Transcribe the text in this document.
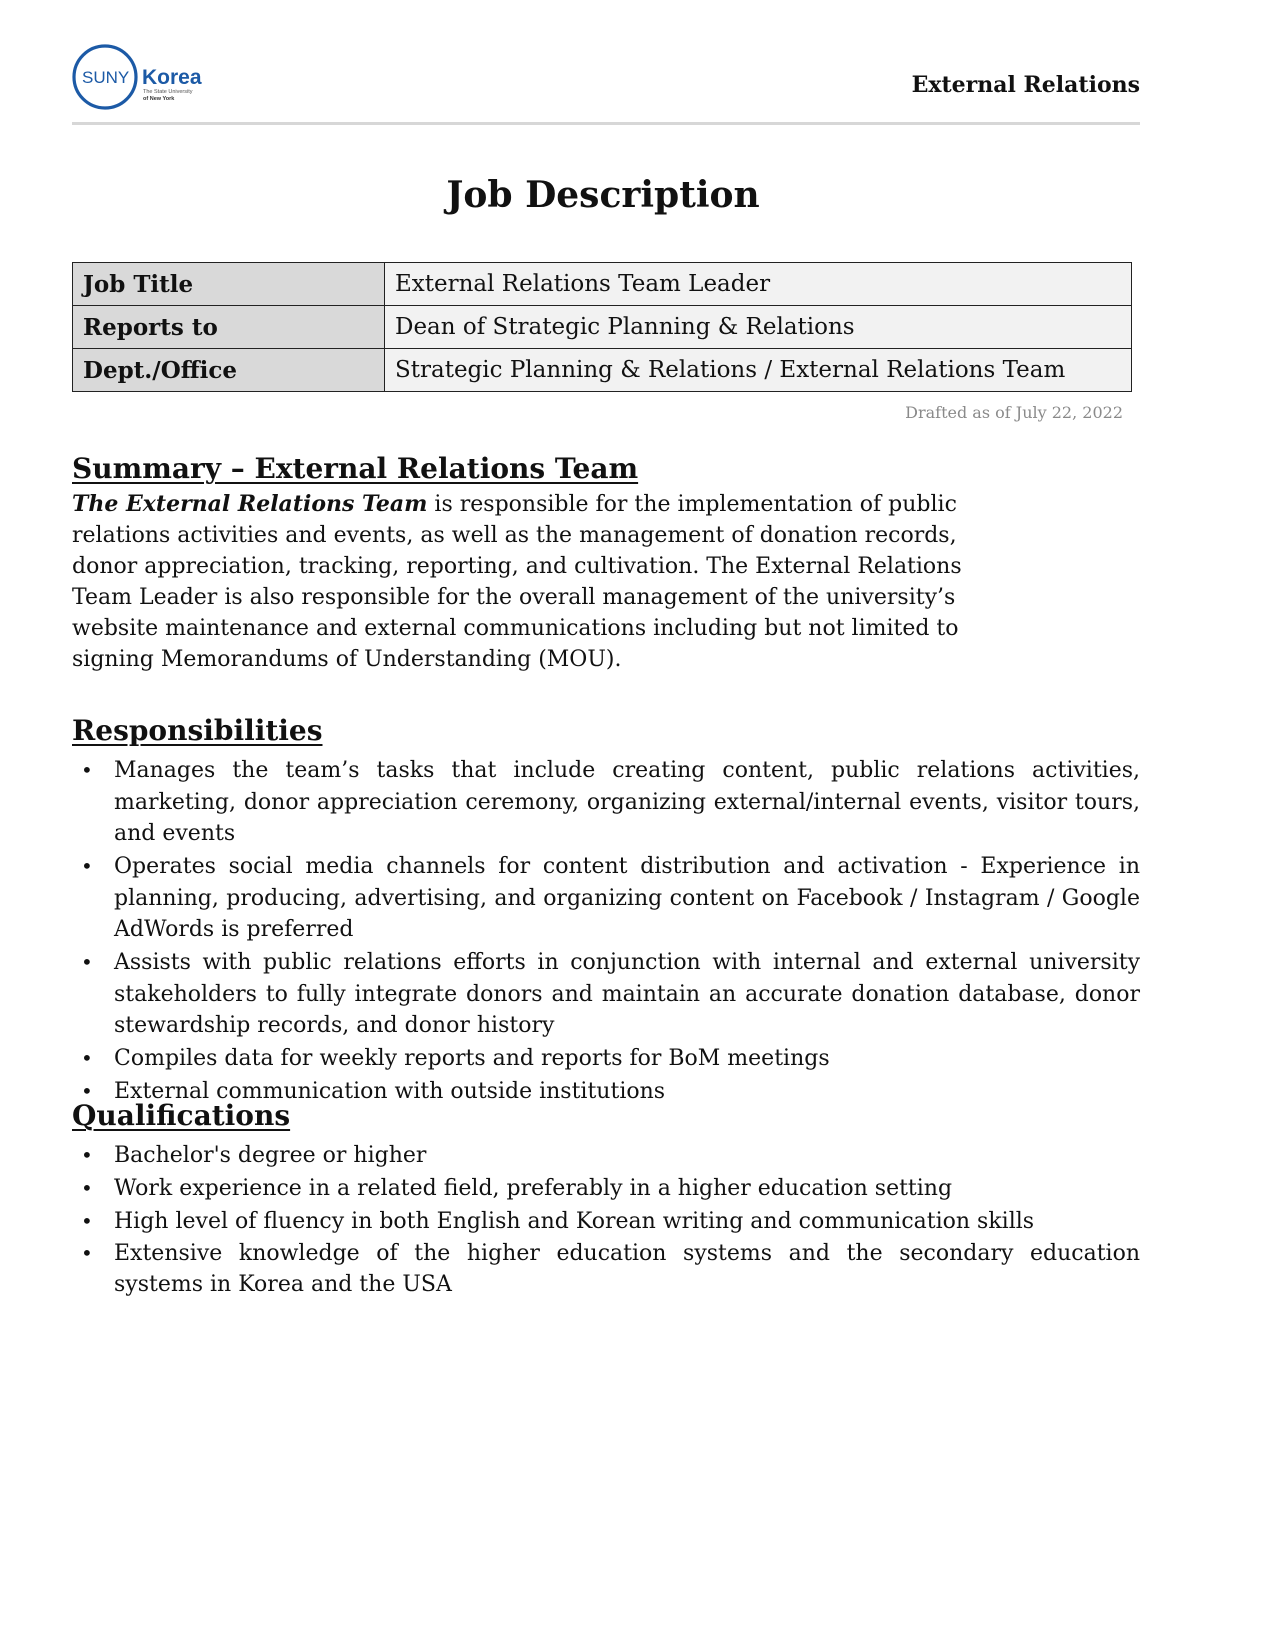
SUNY Korea
The State University
of New York
External Relations
Job Description
Job Title	External Relations Team Leader
Reports to	Dean of Strategic Planning & Relations
Dept./Office	Strategic Planning & Relations / External Relations Team
Drafted as of July 22, 2022
Summary – External Relations Team

The External Relations Team is responsible for the implementation of public relations activities and events, as well as the management of donation records, donor appreciation, tracking, reporting, and cultivation. The External Relations Team Leader is also responsible for the overall management of the university’s website maintenance and external communications including but not limited to signing Memorandums of Understanding (MOU).

Responsibilities
• Manages the team’s tasks that include creating content, public relations activities, marketing, donor appreciation ceremony, organizing external/internal events, visitor tours, and events
• Operates social media channels for content distribution and activation - Experience in planning, producing, advertising, and organizing content on Facebook / Instagram / Google AdWords is preferred
• Assists with public relations efforts in conjunction with internal and external university stakeholders to fully integrate donors and maintain an accurate donation database, donor stewardship records, and donor history
• Compiles data for weekly reports and reports for BoM meetings
• External communication with outside institutions
Qualifications
• Bachelor's degree or higher
• Work experience in a related field, preferably in a higher education setting
• High level of fluency in both English and Korean writing and communication skills
• Extensive knowledge of the higher education systems and the secondary education systems in Korea and the USA
